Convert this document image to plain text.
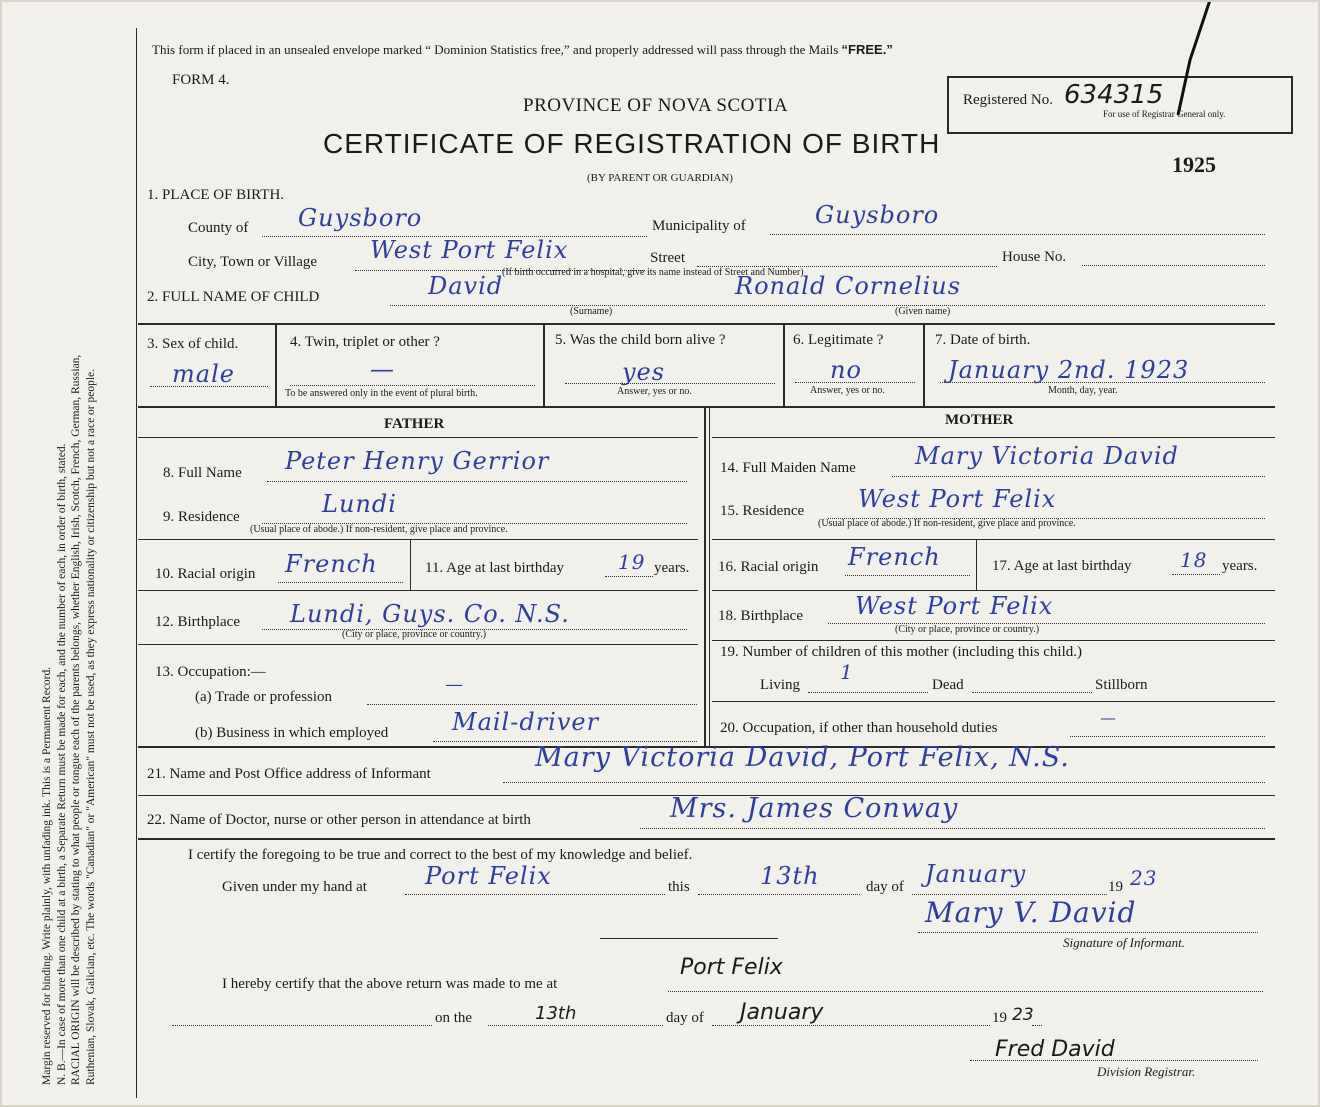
Margin reserved for binding. Write plainly, with unfading ink. This is a Permanent Record. N. B.—In case of more than one child at a birth, a Separate Return must be made for each, and the number of each, in order of birth, stated. RACIAL ORIGIN will be described by stating to what people or tongue each of the parents belongs, whether English, Irish, Scotch, French, German, Russian, Ruthenian, Slovak, Galician, etc. The words "Canadian" or "American" must not be used, as they express nationality or citizenship but not a race or people.
This form if placed in an unsealed envelope marked “ Dominion Statistics free,” and properly addressed will pass through the Mails “FREE.”
FORM 4.
PROVINCE OF NOVA SCOTIA
CERTIFICATE OF REGISTRATION OF BIRTH
(BY PARENT OR GUARDIAN)
Registered No. 634315
For use of Registrar General only.
1925
1. PLACE OF BIRTH.
County of Guysboro	Municipality of	Guysboro
City, Town or Village West Port Felix	Street	House No.
(If birth occurred in a hospital, give its name instead of Street and Number)
2. FULL NAME OF CHILD	David	Ronald Cornelius
(Surname)	(Given name)
3. Sex of child.
male
4. Twin, triplet or other ?
—
To be answered only in the event of plural birth.
5. Was the child born alive ?
yes
Answer, yes or no.
6. Legitimate ?
no
Answer, yes or no.
7. Date of birth.
January 2nd. 1923
Month, day, year.
FATHER
8. Full Name Peter Henry Gerrior
9. Residence	Lundi
(Usual place of abode.) If non-resident, give place and province.
10. Racial origin French	11. Age at last birthday	19 years.
12. Birthplace Lundi, Guys. Co. N.S.
(City or place, province or country.)
13. Occupation:—
(a) Trade or profession
—
(b) Business in which employed	Mail-driver
MOTHER
14. Full Maiden Name Mary Victoria David
15. Residence West Port Felix
(Usual place of abode.) If non-resident, give place and province.
16. Racial origin French	17. Age at last birthday 18 years.
18. Birthplace West Port Felix
(City or place, province or country.)
19. Number of children of this mother (including this child.)
Living
1
Dead	Stillborn
20. Occupation, if other than household duties
—
21. Name and Post Office address of Informant
Mary Victoria David, Port Felix, N.S.
22. Name of Doctor, nurse or other person in attendance at birth	Mrs. James Conway
I certify the foregoing to be true and correct to the best of my knowledge and belief.
Given under my hand at Port Felix	this	13th	day of January	19 23
Mary V. David
Signature of Informant.
I hereby certify that the above return was made to me at
Port Felix
on the	13th	day of January	19 23
Fred David
Division Registrar.
